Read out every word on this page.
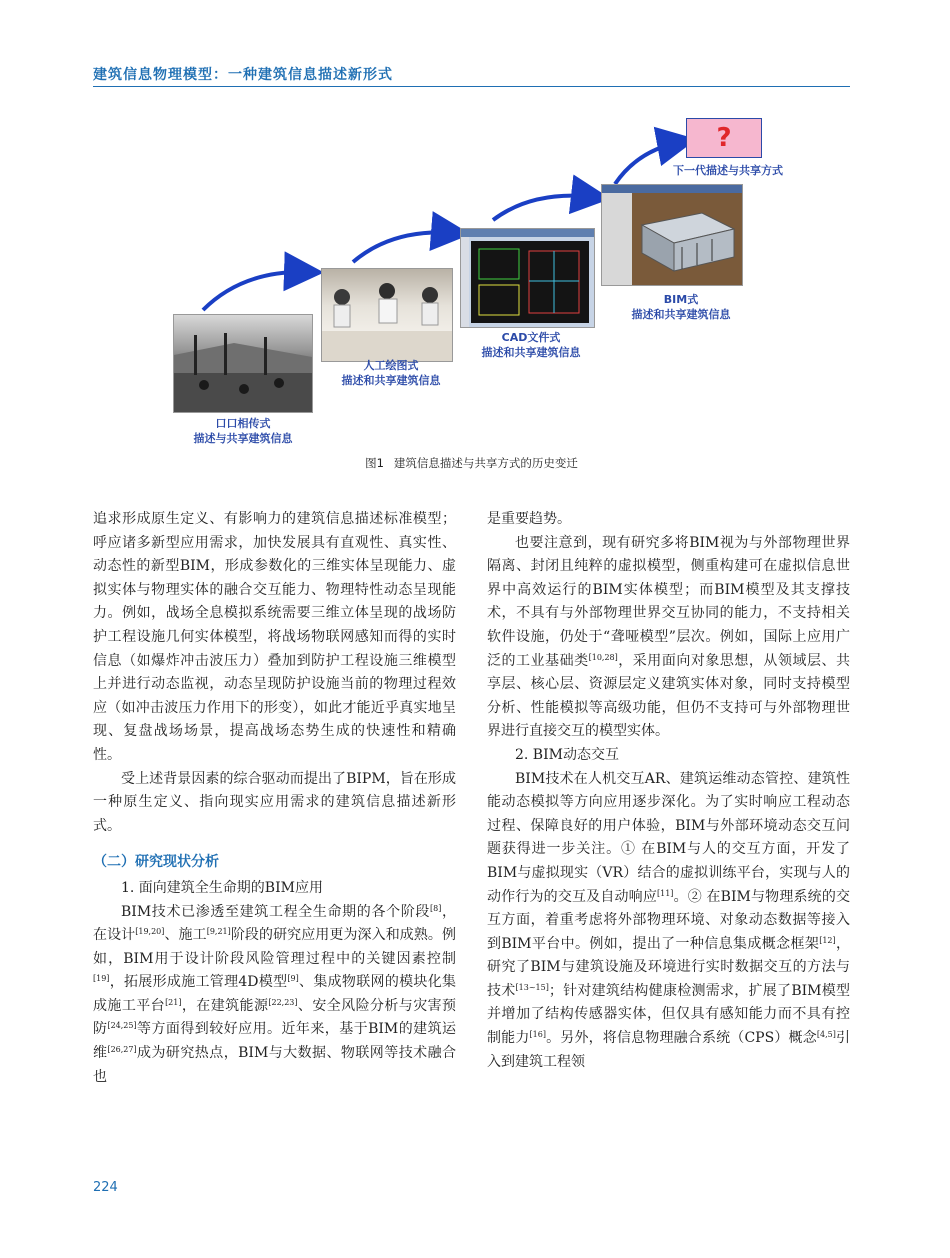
建筑信息物理模型：一种建筑信息描述新形式
口口相传式
描述与共享建筑信息
人工绘图式
描述和共享建筑信息
CAD文件式
描述和共享建筑信息
BIM式
描述和共享建筑信息
?
下一代描述与共享方式
图1 建筑信息描述与共享方式的历史变迁

追求形成原生定义、有影响力的建筑信息描述标准模型；呼应诸多新型应用需求，加快发展具有直观性、真实性、动态性的新型BIM，形成参数化的三维实体呈现能力、虚拟实体与物理实体的融合交互能力、物理特性动态呈现能力。例如，战场全息模拟系统需要三维立体呈现的战场防护工程设施几何实体模型，将战场物联网感知而得的实时信息（如爆炸冲击波压力）叠加到防护工程设施三维模型上并进行动态监视，动态呈现防护设施当前的物理过程效应（如冲击波压力作用下的形变），如此才能近乎真实地呈现、复盘战场场景，提高战场态势生成的快速性和精确性。

受上述背景因素的综合驱动而提出了BIPM，旨在形成一种原生定义、指向现实应用需求的建筑信息描述新形式。

（二）研究现状分析

1. 面向建筑全生命期的BIM应用

BIM技术已渗透至建筑工程全生命期的各个阶段[8]，在设计[19,20]、施工[9,21]阶段的研究应用更为深入和成熟。例如，BIM用于设计阶段风险管理过程中的关键因素控制[19]，拓展形成施工管理4D模型[9]、集成物联网的模块化集成施工平台[21]，在建筑能源[22,23]、安全风险分析与灾害预防[24,25]等方面得到较好应用。近年来，基于BIM的建筑运维[26,27]成为研究热点，BIM与大数据、物联网等技术融合也

是重要趋势。

也要注意到，现有研究多将BIM视为与外部物理世界隔离、封闭且纯粹的虚拟模型，侧重构建可在虚拟信息世界中高效运行的BIM实体模型；而BIM模型及其支撑技术，不具有与外部物理世界交互协同的能力，不支持相关软件设施，仍处于“聋哑模型”层次。例如，国际上应用广泛的工业基础类[10,28]，采用面向对象思想，从领域层、共享层、核心层、资源层定义建筑实体对象，同时支持模型分析、性能模拟等高级功能，但仍不支持可与外部物理世界进行直接交互的模型实体。

2. BIM动态交互

BIM技术在人机交互AR、建筑运维动态管控、建筑性能动态模拟等方向应用逐步深化。为了实时响应工程动态过程、保障良好的用户体验，BIM与外部环境动态交互问题获得进一步关注。① 在BIM与人的交互方面，开发了BIM与虚拟现实（VR）结合的虚拟训练平台，实现与人的动作行为的交互及自动响应[11]。② 在BIM与物理系统的交互方面，着重考虑将外部物理环境、对象动态数据等接入到BIM平台中。例如，提出了一种信息集成概念框架[12]，研究了BIM与建筑设施及环境进行实时数据交互的方法与技术[13~15]；针对建筑结构健康检测需求，扩展了BIM模型并增加了结构传感器实体，但仅具有感知能力而不具有控制能力[16]。另外，将信息物理融合系统（CPS）概念[4,5]引入到建筑工程领

224
